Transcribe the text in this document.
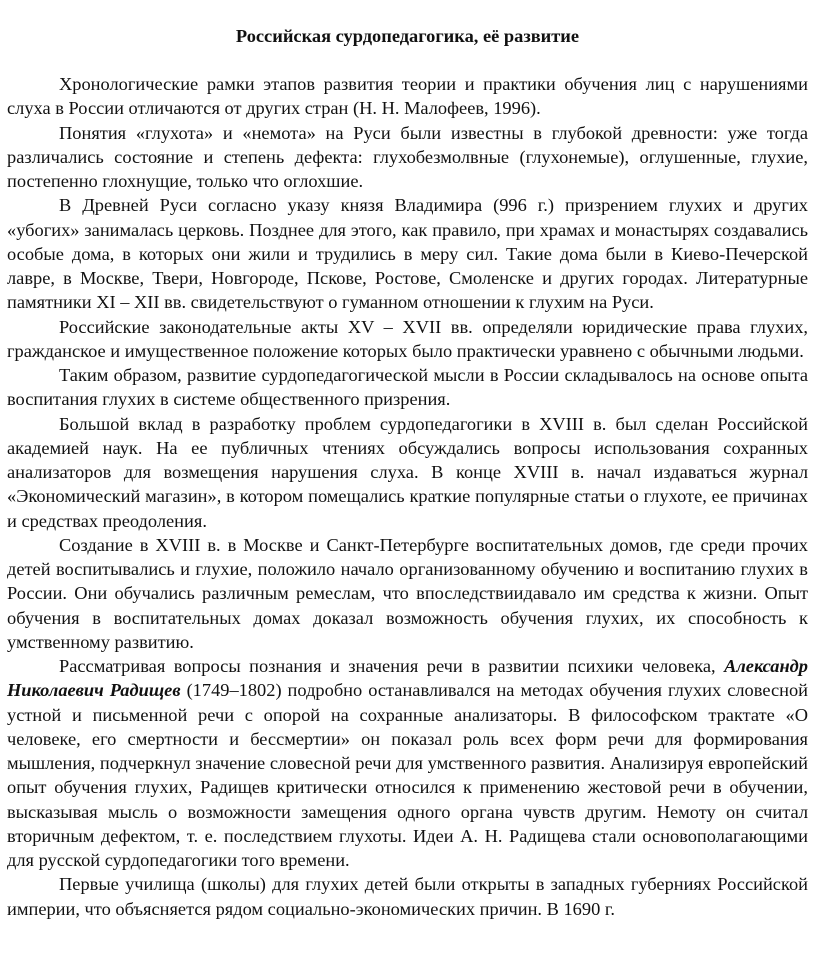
Российская сурдопедагогика, её развитие

Хронологические рамки этапов развития теории и практики обучения лиц с нарушениями слуха в России отличаются от других стран (Н. Н. Малофеев, 1996).

Понятия «глухота» и «немота» на Руси были известны в глубокой древности: уже тогда различались состояние и степень дефекта: глухобезмолвные (глухонемые), оглушенные, глухие, постепенно глохнущие, только что оглохшие.

В Древней Руси согласно указу князя Владимира (996 г.) призрением глухих и других «убогих» занималась церковь. Позднее для этого, как правило, при храмах и монастырях создавались особые дома, в которых они жили и трудились в меру сил. Такие дома были в Киево-Печерской лавре, в Москве, Твери, Новгороде, Пскове, Ростове, Смоленске и других городах. Литературные памятники XI – XII вв. свидетельствуют о гуманном отношении к глухим на Руси.

Российские законодательные акты XV – XVII вв. определяли юридические права глухих, гражданское и имущественное положение которых было практически уравнено с обычными людьми.

Таким образом, развитие сурдопедагогической мысли в России складывалось на основе опыта воспитания глухих в системе общественного призрения.

Большой вклад в разработку проблем сурдопедагогики в XVIII в. был сделан Российской академией наук. На ее публичных чтениях обсуждались вопросы использования сохранных анализаторов для возмещения нарушения слуха. В конце XVIII в. начал издаваться журнал «Экономический магазин», в котором помещались краткие популярные статьи о глухоте, ее причинах и средствах преодоления.

Создание в XVIII в. в Москве и Санкт-Петербурге воспитательных домов, где среди прочих детей воспитывались и глухие, положило начало организованному обучению и воспитанию глухих в России. Они обучались различным ремеслам, что впоследствиидавало им средства к жизни. Опыт обучения в воспитательных домах доказал возможность обучения глухих, их способность к умственному развитию.

Рассматривая вопросы познания и значения речи в развитии психики человека, Александр Николаевич Радищев (1749–1802) подробно останавливался на методах обучения глухих словесной устной и письменной речи с опорой на сохранные анализаторы. В философском трактате «О человеке, его смертности и бессмертии» он показал роль всех форм речи для формирования мышления, подчеркнул значение словесной речи для умственного развития. Анализируя европейский опыт обучения глухих, Радищев критически относился к применению жестовой речи в обучении, высказывая мысль о возможности замещения одного органа чувств другим. Немоту он считал вторичным дефектом, т. е. последствием глухоты. Идеи А. Н. Радищева стали основополагающими для русской сурдопедагогики того времени.

Первые училища (школы) для глухих детей были открыты в западных губерниях Российской империи, что объясняется рядом социально-экономических причин. В 1690 г.
